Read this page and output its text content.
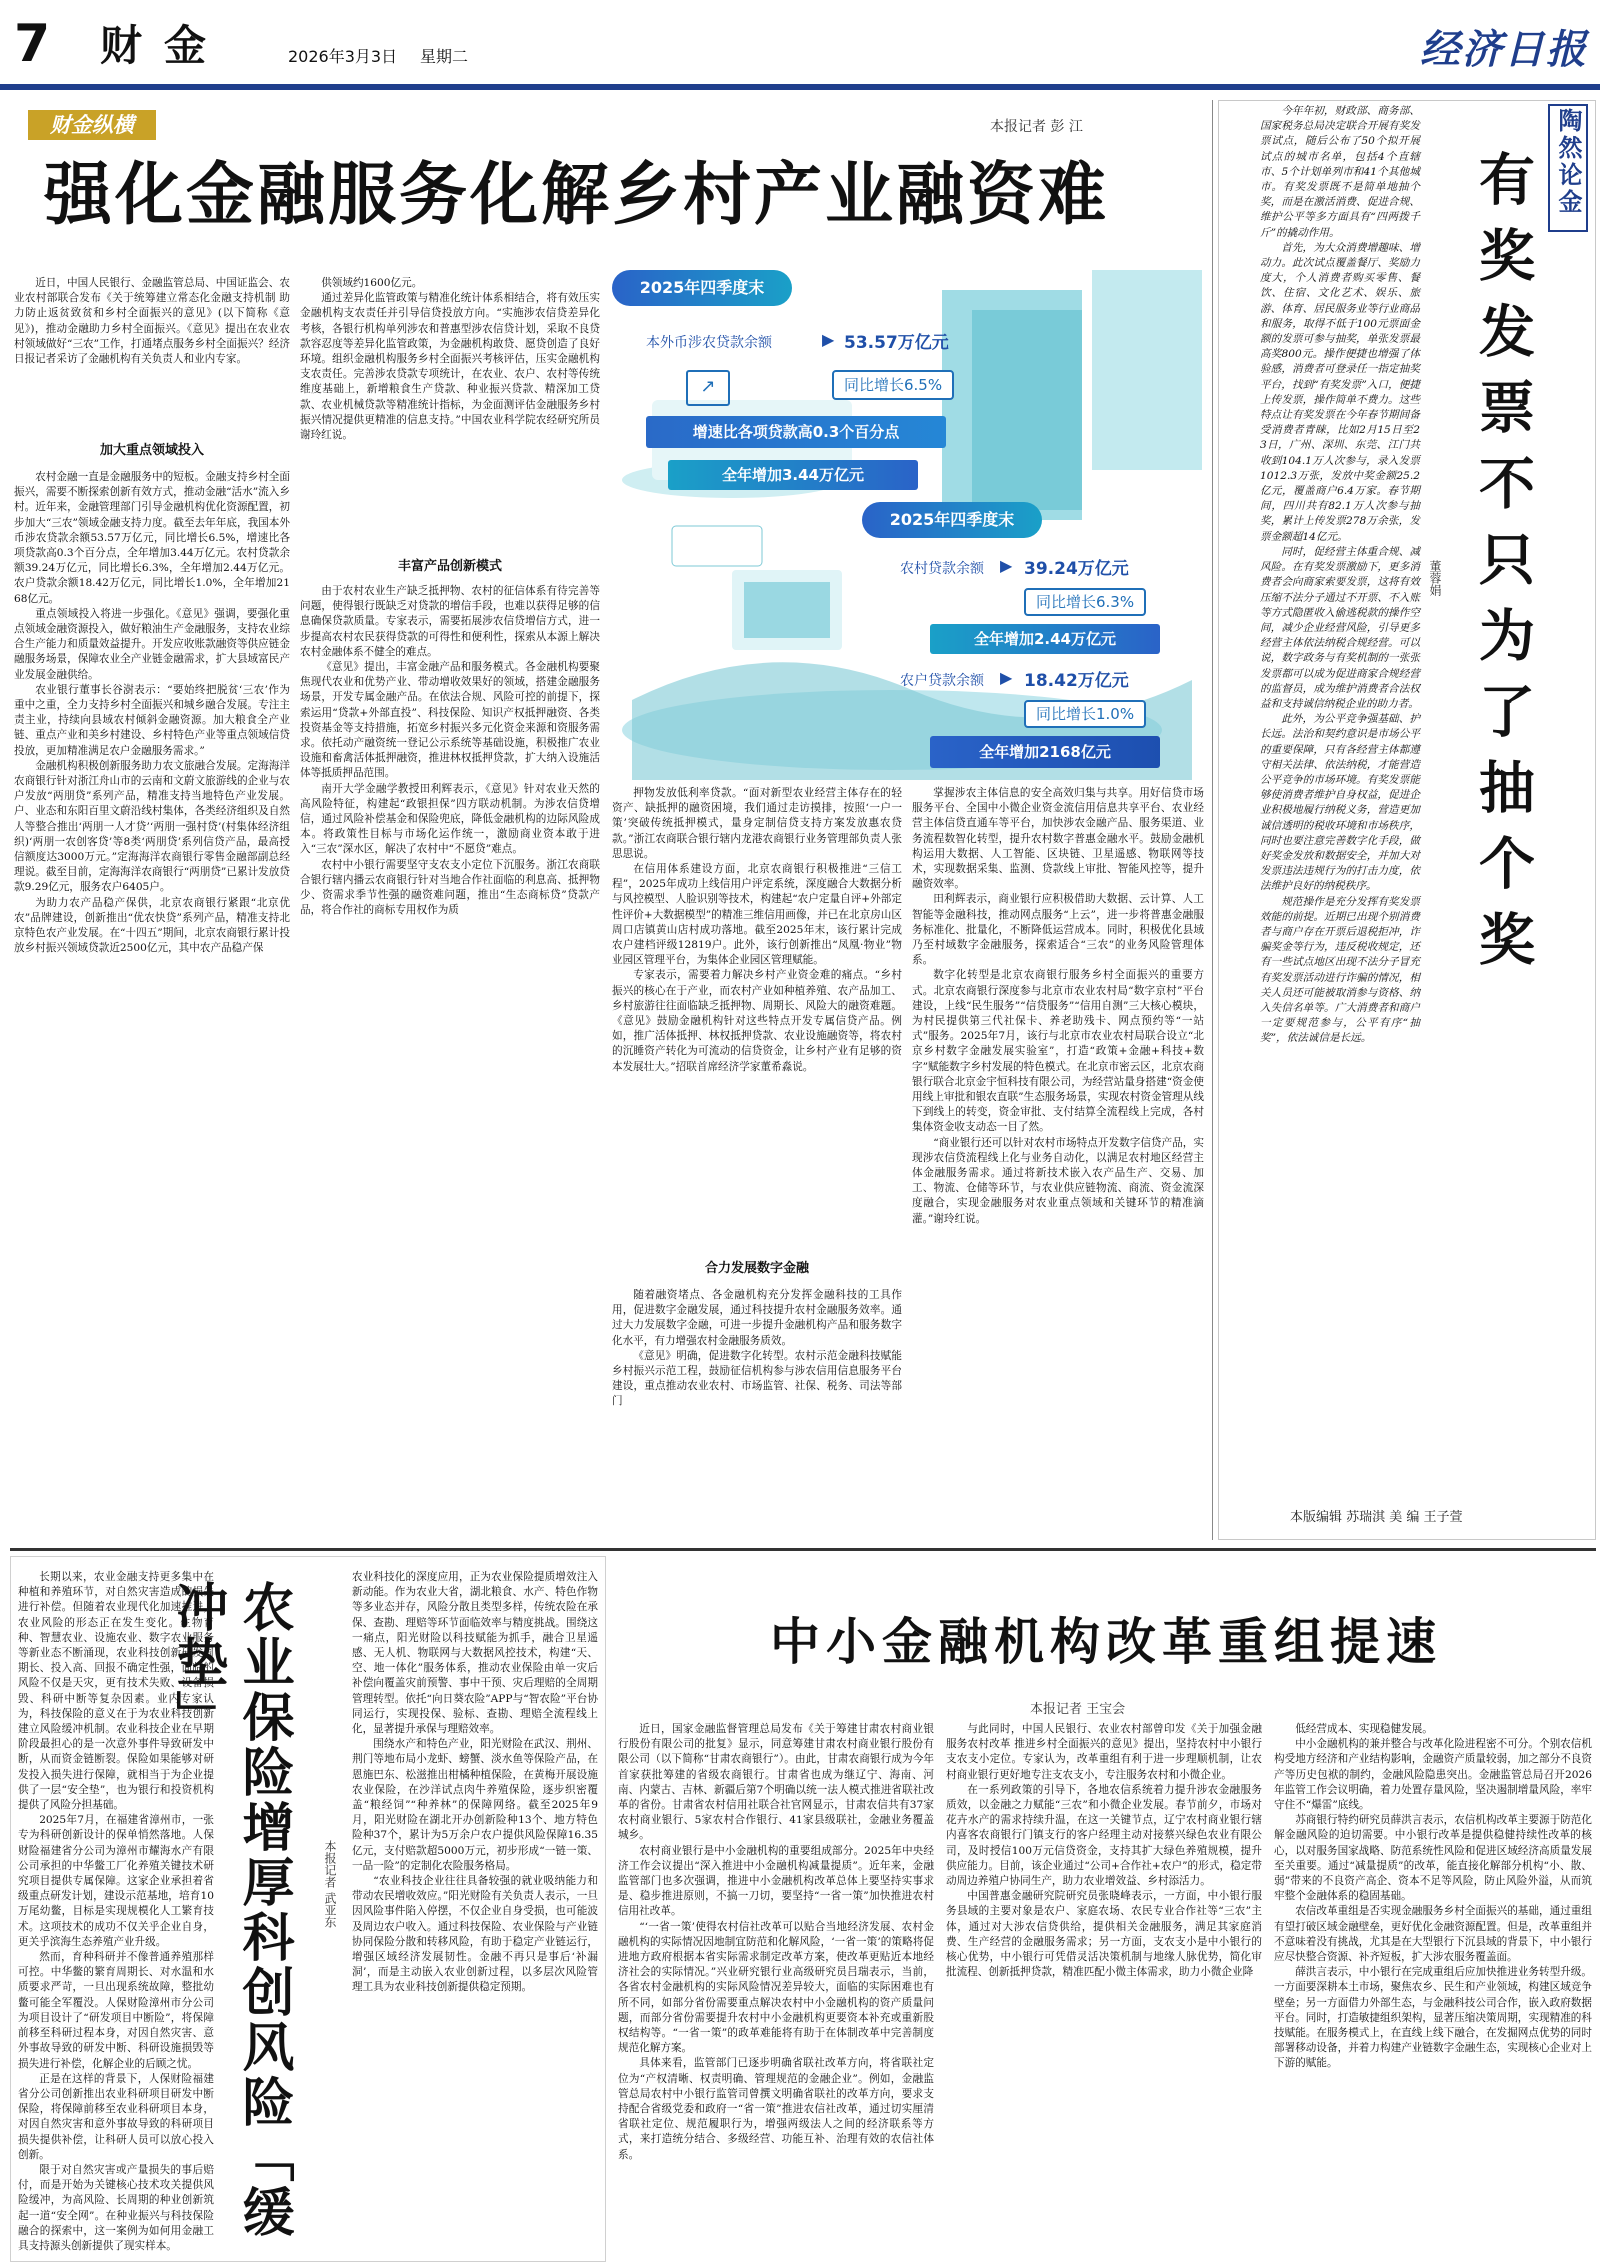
7 财金	2026年3月3日 星期二	经济日报
财金纵横	本报记者 彭 江
强化金融服务化解乡村产业融资难

近日，中国人民银行、金融监管总局、中国证监会、农业农村部联合发布《关于统筹建立常态化金融支持机制 助力防止返贫致贫和乡村全面振兴的意见》(以下简称《意见》)，推动金融助力乡村全面振兴。《意见》提出在农业农村领域做好“三农”工作，打通堵点服务乡村全面振兴？经济日报记者采访了金融机构有关负责人和业内专家。

加大重点领域投入

农村金融一直是金融服务中的短板。金融支持乡村全面振兴，需要不断探索创新有效方式，推动金融“活水”流入乡村。近年来，金融管理部门引导金融机构优化资源配置，初步加大“三农”领域金融支持力度。截至去年年底，我国本外币涉农贷款余额53.57万亿元，同比增长6.5%，增速比各项贷款高0.3个百分点，全年增加3.44万亿元。农村贷款余额39.24万亿元，同比增长6.3%，全年增加2.44万亿元。农户贷款余额18.42万亿元，同比增长1.0%，全年增加2168亿元。

重点领域投入将进一步强化。《意见》强调，要强化重点领域金融资源投入，做好粮油生产金融服务，支持农业综合生产能力和质量效益提升。开发应收账款融资等供应链金融服务场景，保障农业全产业链金融需求，扩大县域富民产业发展金融供给。

农业银行董事长谷澍表示：“要始终把脱贫‘三农’作为重中之重，全力支持乡村全面振兴和城乡融合发展。专注主责主业，持续向县域农村倾斜金融资源。加大粮食全产业链、重点产业和美乡村建设、乡村特色产业等重点领域信贷投放，更加精准满足农户金融服务需求。”

金融机构积极创新服务助力农文旅融合发展。定海海洋农商银行针对浙江舟山市的云南和文蔚文旅游线的企业与农户发放“两朋贷”系列产品，精准支持当地特色产业发展。户、业态和东阳百里文蔚沿线村集体，各类经济组织及自然人等整合推出‘两朋一人才贷’‘两朋一强村贷’(村集体经济组织)‘两朋一农创客贷’等8类‘两朋贷’系列信贷产品，最高授信额度达3000万元。”定海海洋农商银行零售金融部副总经理说。截至目前，定海海洋农商银行“两朋贷”已累计发放贷款9.29亿元，服务农户6405户。

为助力农产品稳产保供，北京农商银行紧跟“北京优农”品牌建设，创新推出“优农快贷”系列产品，精准支持北京特色农产业发展。在“十四五”期间，北京农商银行累计投放乡村振兴领域贷款近2500亿元，其中农产品稳产保

供领域约1600亿元。

通过差异化监管政策与精准化统计体系相结合，将有效压实金融机构支农责任并引导信贷投放方向。“实施涉农信贷差异化考核，各银行机构单列涉农和普惠型涉农信贷计划，采取不良贷款容忍度等差异化监管政策，为金融机构敢贷、愿贷创造了良好环境。组织金融机构服务乡村全面振兴考核评估，压实金融机构支农责任。完善涉农贷款专项统计，在农业、农户、农村等传统维度基础上，新增粮食生产贷款、种业振兴贷款、精深加工贷款、农业机械贷款等精准统计指标，为金面测评估金融服务乡村振兴情况提供更精准的信息支持。”中国农业科学院农经研究所员谢玲红说。

丰富产品创新模式

由于农村农业生产缺乏抵押物、农村的征信体系有待完善等问题，使得银行既缺乏对贷款的增信手段，也难以获得足够的信息确保贷款质量。专家表示，需要拓展涉农信贷增信方式，进一步提高农村农民获得贷款的可得性和便利性，探索从本源上解决农村金融体系不健全的难点。

《意见》提出，丰富金融产品和服务模式。各金融机构要聚焦现代农业和优势产业、带动增收效果好的领域，搭建金融服务场景，开发专属金融产品。在依法合规、风险可控的前提下，探索运用“贷款+外部直投”、科技保险、知识产权抵押融资、各类投资基金等支持措施，拓宽乡村振兴多元化资金来源和资服务需求。依托动产融资统一登记公示系统等基础设施，积极推广农业设施和畜禽活体抵押融资，推进林权抵押贷款，扩大纳入设施活体等抵质押品范围。

南开大学金融学教授田利辉表示，《意见》针对农业天然的高风险特征，构建起“政银担保”四方联动机制。为涉农信贷增信，通过风险补偿基金和保险兜底，降低金融机构的边际风险成本。将政策性目标与市场化运作统一，激励商业资本敢于进入“三农”深水区，解决了农村中“不愿贷”难点。

农村中小银行需要坚守支农支小定位下沉服务。浙江农商联合银行辖内播云农商银行针对当地合作社面临的利息高、抵押物少、资需求季节性强的融资难问题，推出“生态商标贷”贷款产品，将合作社的商标专用权作为质

2025年四季度末
本外币涉农贷款余额	▶ 53.57万亿元
↗	同比增长6.5%
增速比各项贷款高0.3个百分点
全年增加3.44万亿元
2025年四季度末
农村贷款余额 ▶ 39.24万亿元
同比增长6.3%
全年增加2.44万亿元
农户贷款余额 ▶ 18.42万亿元
同比增长1.0%
全年增加2168亿元

押物发放低利率贷款。“面对新型农业经营主体存在的轻资产、缺抵押的融资困境，我们通过走访摸排，按照‘一户一策’突破传统抵押模式，量身定制信贷支持方案发放惠农贷款。”浙江农商联合银行辖内龙港农商银行业务管理部负责人张思思说。

在信用体系建设方面，北京农商银行积极推进“三信工程”，2025年成功上线信用户评定系统，深度融合大数据分析与风控模型、人脸识别等技术，构建起“农户定量自评+外部定性评价+大数据模型”的精准三维信用画像，并已在北京房山区周口店镇黄山店村成功落地。截至2025年末，该行累计完成农户建档评级12819户。此外，该行创新推出“凤凰·物业”物业园区管理平台，为集体企业园区管理赋能。

专家表示，需要着力解决乡村产业资金难的痛点。“乡村振兴的核心在于产业，而农村产业如种植养殖、农产品加工、乡村旅游往往面临缺乏抵押物、周期长、风险大的融资难题。《意见》鼓励金融机构针对这些特点开发专属信贷产品。例如，推广活体抵押、林权抵押贷款、农业设施融资等，将农村的沉睡资产转化为可流动的信贷资金，让乡村产业有足够的资本发展壮大。”招联首席经济学家董希淼说。

合力发展数字金融

随着融资堵点、各金融机构充分发挥金融科技的工具作用，促进数字金融发展，通过科技提升农村金融服务效率。通过大力发展数字金融，可进一步提升金融机构产品和服务数字化水平，有力增强农村金融服务质效。

《意见》明确，促进数字化转型。农村示范金融科技赋能乡村振兴示范工程，鼓励征信机构参与涉农信用信息服务平台建设，重点推动农业农村、市场监管、社保、税务、司法等部门

掌握涉农主体信息的安全高效归集与共享。用好信贷市场服务平台、全国中小微企业资金流信用信息共享平台、农业经营主体信贷直通车等平台，加快涉农金融产品、服务渠道、业务流程数智化转型，提升农村数字普惠金融水平。鼓励金融机构运用大数据、人工智能、区块链、卫星遥感、物联网等技术，实现数据采集、监测、贷款线上审批、智能风控等，提升融资效率。

田利辉表示，商业银行应积极借助大数据、云计算、人工智能等金融科技，推动网点服务“上云”，进一步将普惠金融服务标准化、批量化，不断降低运营成本。同时，积极优化县域乃至村域数字金融服务，探索适合“三农”的业务风险管理体系。

数字化转型是北京农商银行服务乡村全面振兴的重要方式。北京农商银行深度参与北京市农业农村局“数字京村”平台建设，上线“民生服务”“信贷服务”“信用自测”三大核心模块，为村民提供第三代社保卡、养老助残卡、网点预约等“一站式”服务。2025年7月，该行与北京市农业农村局联合设立“北京乡村数字金融发展实验室”，打造“政策+金融+科技+数字”赋能数字乡村发展的特色模式。在北京市密云区，北京农商银行联合北京金宇恒科技有限公司，为经营站量身搭建“资金使用线上审批和银农直联”生态服务场景，实现农村资金管理从线下到线上的转变，资金审批、支付结算全流程线上完成，各村集体资金收支动态一目了然。

“商业银行还可以针对农村市场特点开发数字信贷产品，实现涉农信贷流程线上化与业务自动化，以满足农村地区经营主体金融服务需求。通过将新技术嵌入农产品生产、交易、加工、物流、仓储等环节，与农业供应链物流、商流、资金流深度融合，实现金融服务对农业重点领域和关键环节的精准滴灌。”谢玲红说。

陶然论金
有奖发票不只为了抽个奖
董蓉娟

今年年初，财政部、商务部、国家税务总局决定联合开展有奖发票试点，随后公布了50个拟开展试点的城市名单，包括4个直辖市、5个计划单列市和41个其他城市。有奖发票既不是简单地抽个奖，而是在激活消费、促进合规、维护公平等多方面具有“四两拨千斤”的撬动作用。

首先，为大众消费增趣味、增动力。此次试点覆盖餐厅、奖励力度大，个人消费者购买零售、餐饮、住宿、文化艺术、娱乐、旅游、体育、居民服务业等行业商品和服务，取得不低于100元票面金额的发票可参与抽奖，单张发票最高奖800元。操作便捷也增强了体验感，消费者可登录任一指定抽奖平台，找到“有奖发票”入口，便捷上传发票，操作简单不费力。这些特点让有奖发票在今年春节期间备受消费者青睐，比如2月15日至23日，广州、深圳、东莞、江门共收到104.1万人次参与，录入发票1012.3万张，发放中奖金额25.2亿元，覆盖商户6.4万家。春节期间，四川共有82.1万人次参与抽奖，累计上传发票278万余张，发票金额超14亿元。

同时，促经营主体重合规、减风险。在有奖发票激励下，更多消费者会向商家索要发票，这将有效压缩不法分子通过不开票、不入账等方式隐匿收入偷逃税款的操作空间，减少企业经营风险，引导更多经营主体依法纳税合规经营。可以说，数字政务与有奖机制的一张张发票都可以成为促进商家合规经营的监督员，成为维护消费者合法权益和支持诚信纳税企业的助力者。

此外，为公平竞争强基础、护长远。法治和契约意识是市场公平的重要保障，只有各经营主体都遵守相关法律、依法纳税，才能营造公平竞争的市场环境。有奖发票能够使消费者维护自身权益，促进企业积极地履行纳税义务，营造更加诚信透明的税收环境和市场秩序，同时也要注意完善数字化手段，做好奖金发放和数据安全，并加大对发票违法违规行为的打击力度，依法维护良好的纳税秩序。

规范操作是充分发挥有奖发票效能的前提。近期已出现个别消费者与商户存在开票后退税拒冲，诈骗奖金等行为，违反税收规定，还有一些试点地区出现不法分子冒充有奖发票活动进行诈骗的情况，相关人员还可能被取消参与资格、纳入失信名单等。广大消费者和商户一定要规范参与，公平有序“抽奖”，依法诚信是长远。

本版编辑 苏瑞淇 美 编 王子萱
农业保险增厚科创风险「缓冲垫」
本报记者 武亚东

长期以来，农业金融支持更多集中在种植和养殖环节，对自然灾害造成的损失进行补偿。但随着农业现代化加速推进，农业风险的形态正在发生变化。生物育种、智慧农业、设施农业、数字农业服务等新业态不断涌现，农业科技创新研发周期长、投入高、回报不确定性强，面临的风险不仅是天灾，更有技术失败、设备损毁、科研中断等复杂因素。业内专家认为，科技保险的意义在于为农业科技创新建立风险缓冲机制。农业科技企业在早期阶段最担心的是一次意外事件导致研发中断，从而资金链断裂。保险如果能够对研发投入损失进行保障，就相当于为企业提供了一层“安全垫”，也为银行和投资机构提供了风险分担基础。

2025年7月，在福建省漳州市，一张专为科研创新设计的保单悄然落地。人保财险福建省分公司为漳州市耀海水产有限公司承担的中华鳖工厂化养殖关键技术研究项目提供专属保障。这家企业承担着省级重点研发计划，建设示范基地，培育10万尾幼鳖，目标是实现规模化人工繁育技术。这项技术的成功不仅关乎企业自身，更关乎滨海生态养殖产业升级。

然而，育种科研并不像普通养殖那样可控。中华鳖的繁育周期长、对水温和水质要求严苛，一旦出现系统故障，整批幼鳖可能全军覆没。人保财险漳州市分公司为项目设计了“研发项目中断险”，将保障前移至科研过程本身，对因自然灾害、意外事故导致的研发中断、科研设施损毁等损失进行补偿，化解企业的后顾之忧。

正是在这样的背景下，人保财险福建省分公司创新推出农业科研项目研发中断保险，将保障前移至农业科研项目本身，对因自然灾害和意外事故导致的科研项目损失提供补偿，让科研人员可以放心投入创新。

限于对自然灾害或产量损失的事后赔付，而是开始为关键核心技术攻关提供风险缓冲，为高风险、长周期的种业创新筑起一道“安全网”。在种业振兴与科技保险融合的探索中，这一案例为如何用金融工具支持源头创新提供了现实样本。

农业科技化的深度应用，正为农业保险提质增效注入新动能。作为农业大省，湖北粮食、水产、特色作物等多业态并存，风险分散且类型多样，传统农险在承保、查勘、理赔等环节面临效率与精度挑战。围绕这一痛点，阳光财险以科技赋能为抓手，融合卫星遥感、无人机、物联网与大数据风控技术，构建“天、空、地一体化”服务体系，推动农业保险由单一灾后补偿向覆盖灾前预警、事中干预、灾后理赔的全周期管理转型。依托“向日葵农险”APP与“智农险”平台协同运行，实现投保、验标、查勘、理赔全流程线上化，显著提升承保与理赔效率。

围绕水产和特色产业，阳光财险在武汉、荆州、荆门等地布局小龙虾、螃蟹、淡水鱼等保险产品，在恩施巴东、松滋推出柑橘种植保险，在黄梅开展设施农业保险，在沙洋试点肉牛养殖保险，逐步织密覆盖“粮经饲”“种养林”的保障网络。截至2025年9月，阳光财险在湖北开办创新险种13个、地方特色险种37个，累计为5万余户农户提供风险保障16.35亿元，支付赔款超5000万元，初步形成“一链一策、一品一险”的定制化农险服务格局。

“农业科技企业往往具备较强的就业吸纳能力和带动农民增收效应。”阳光财险有关负责人表示，一旦因风险事件陷入停摆，不仅企业自身受损，也可能波及周边农户收入。通过科技保险、农业保险与产业链协同保险分散和转移风险，有助于稳定产业链运行，增强区域经济发展韧性。金融不再只是事后‘补漏洞’，而是主动嵌入农业创新过程，以多层次风险管理工具为农业科技创新提供稳定预期。

中小金融机构改革重组提速
本报记者 王宝会

近日，国家金融监督管理总局发布《关于筹建甘肃农村商业银行股份有限公司的批复》显示，同意筹建甘肃农村商业银行股份有限公司（以下简称“甘肃农商银行”）。由此，甘肃农商银行成为今年首家获批筹建的省级农商银行。甘肃省也成为继辽宁、海南、河南、内蒙古、吉林、新疆后第7个明确以统一法人模式推进省联社改革的省份。甘肃省农村信用社联合社官网显示，甘肃农信共有37家农村商业银行、5家农村合作银行、41家县级联社，金融业务覆盖城乡。

农村商业银行是中小金融机构的重要组成部分。2025年中央经济工作会议提出“深入推进中小金融机构减量提质”。近年来，金融监管部门也多次强调，推进中小金融机构改革总体上要坚持实事求是、稳步推进原则，不搞一刀切，要坚持“一省一策”加快推进农村信用社改革。

“‘一省一策’使得农村信社改革可以贴合当地经济发展、农村金融机构的实际情况因地制宜防范和化解风险，‘一省一策’的策略将促进地方政府根据本省实际需求制定改革方案，使改革更贴近本地经济社会的实际情况。”兴业研究银行业高级研究员吕瑞表示，当前，各省农村金融机构的实际风险情况差异较大，面临的实际困难也有所不同，如部分省份需要重点解决农村中小金融机构的资产质量问题，而部分省份需要提升农村中小金融机构更要资本补充或重新股权结构等。“一省一策”的政革难能将有助于在体制改革中完善制度规范化解方案。

具体来看，监管部门已逐步明确省联社改革方向，将省联社定位为“产权清晰、权责明确、管理规范的金融企业”。例如，金融监管总局农村中小银行监管司曾撰文明确省联社的改革方向，要求支持配合省级党委和政府一“省一策”推进农信社改革，通过切实厘清省联社定位、规范履职行为，增强两级法人之间的经济联系等方式，来打造统分结合、多级经营、功能互补、治理有效的农信社体系。

与此同时，中国人民银行、农业农村部曾印发《关于加强金融服务农村改革 推进乡村全面振兴的意见》提出，坚持农村中小银行支农支小定位。专家认为，改革重组有利于进一步理顺机制，让农村商业银行更好地专注支农支小，专注服务农村和小微企业。

在一系列政策的引导下，各地农信系统着力提升涉农金融服务质效，以金融之力赋能“三农”和小微企业发展。春节前夕，市场对花卉水产的需求持续升温，在这一关键节点，辽宁农村商业银行辖内喜客农商银行门镇支行的客户经理主动对接蔡兴绿色农业有限公司，及时授信100万元信贷资金，支持其扩大绿色养殖规模，提升供应能力。目前，该企业通过“公司+合作社+农户”的形式，稳定带动周边养殖户协同生产，助力农业增效益、乡村添活力。

中国普惠金融研究院研究员张晓峰表示，一方面，中小银行服务县域的主要对象是农户、家庭农场、农民专业合作社等“三农”主体，通过对大涉农信贷供给，提供相关金融服务，满足其家庭消费、生产经营的金融服务需求；另一方面，支农支小是中小银行的核心优势，中小银行可凭借灵活决策机制与地缘人脉优势，简化审批流程、创新抵押贷款，精准匹配小微主体需求，助力小微企业降

低经营成本、实现稳健发展。

中小金融机构的兼并整合与改革化险进程密不可分。个别农信机构受地方经济和产业结构影响，金融资产质量较弱，加之部分不良资产等历史包袱的制约，金融风险隐患突出。金融监管总局召开2026年监管工作会议明确，着力处置存量风险，坚决遏制增量风险，率牢守住不“爆雷”底线。

苏商银行特约研究员薛洪言表示，农信机构改革主要源于防范化解金融风险的迫切需要。中小银行改革是提供稳健持续性改革的核心，以对服务国家战略、防范系统性风险和促进区域经济高质量发展至关重要。通过“减量提质”的改革，能直接化解部分机构“小、散、弱”带来的不良资产高企、资本不足等风险，防止风险外溢，从而筑牢整个金融体系的稳固基础。

农信改革重组是否实现金融服务乡村全面振兴的基础，通过重组有望打破区域金融壁垒，更好优化金融资源配置。但是，改革重组并不意味着没有挑战，尤其是在大型银行下沉县域的背景下，中小银行应尽快整合资源、补齐短板，扩大涉农服务覆盖面。

薛洪言表示，中小银行在完成重组后应加快推进业务转型升级。一方面要深耕本土市场，聚焦农乡、民生和产业领域，构建区域竞争壁垒；另一方面借力外部生态，与金融科技公司合作，嵌入政府数据平台。同时，打造敏捷组织架构，显著压缩决策周期，实现精准的科技赋能。在服务模式上，在直线上线下融合，在发掘网点优势的同时部署移动设备，并着力构建产业链数字金融生态，实现核心企业对上下游的赋能。
